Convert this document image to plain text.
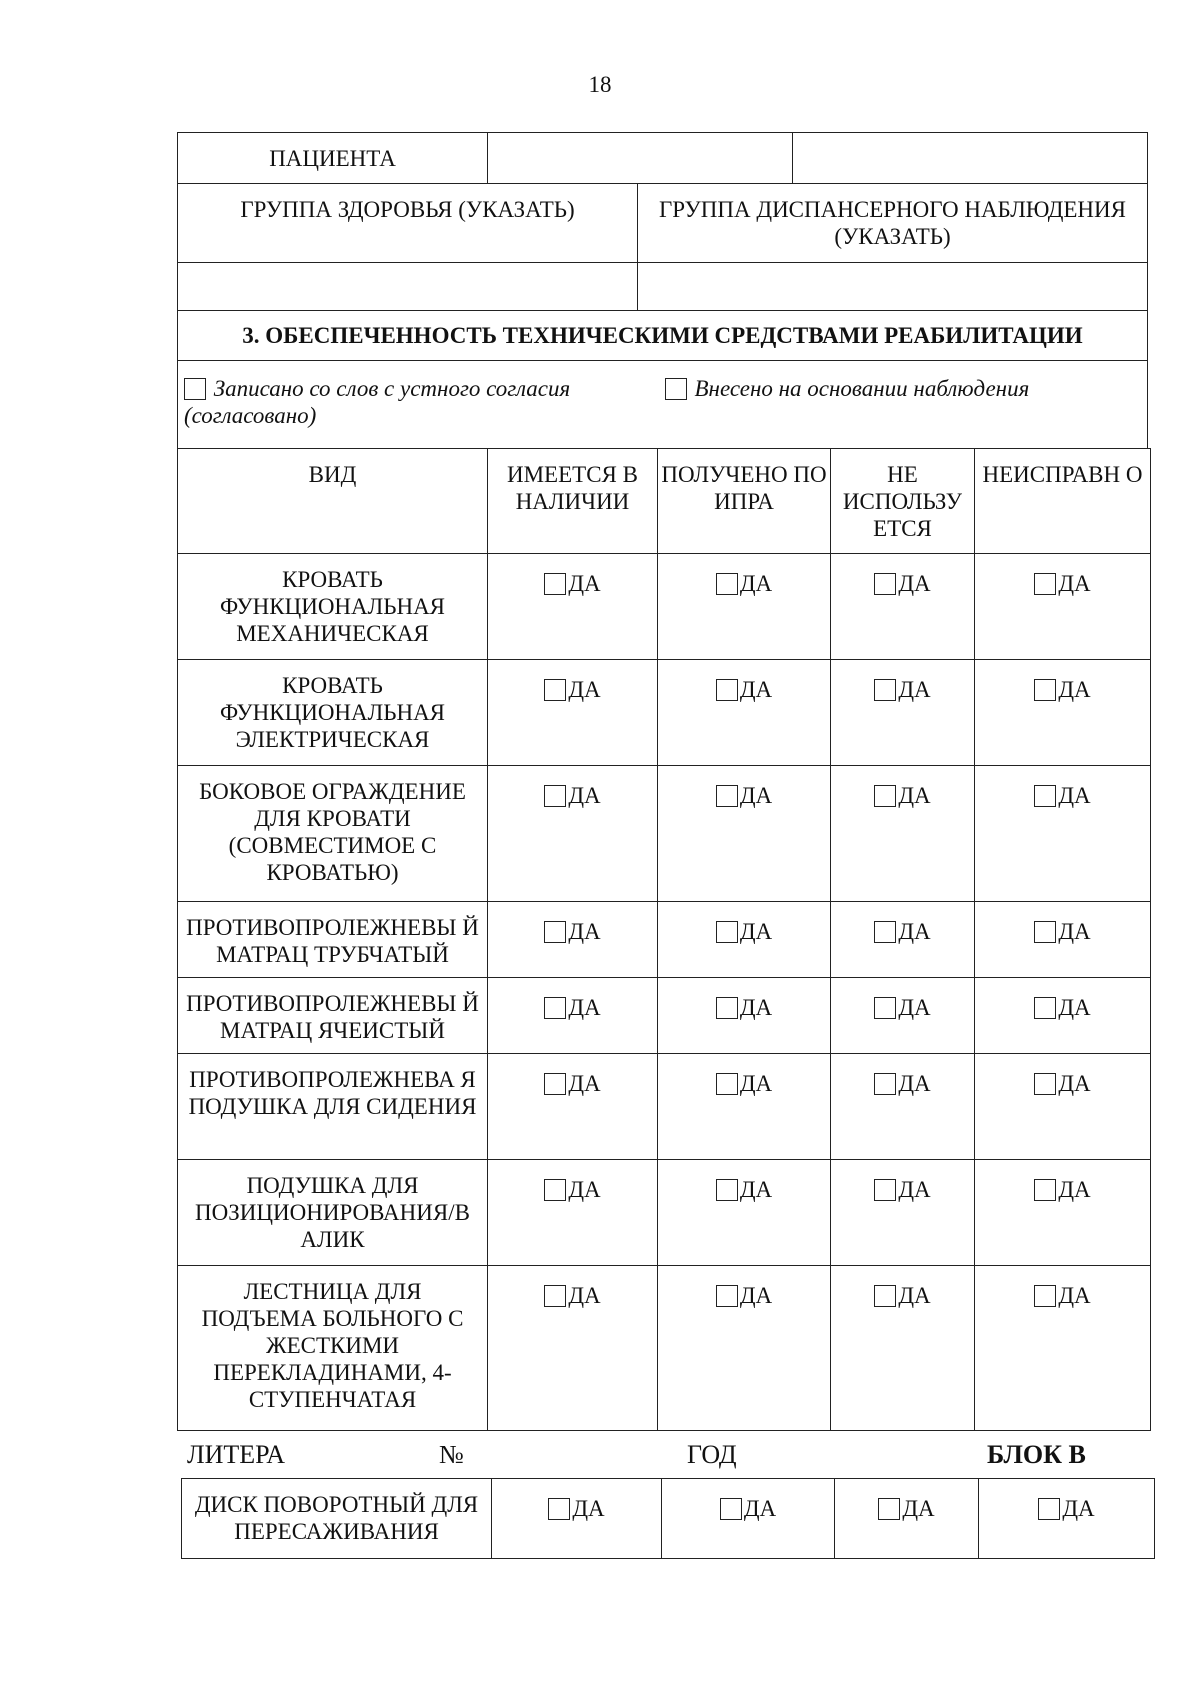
18
ПАЦИЕНТА			
ГРУППА ЗДОРОВЬЯ (УКАЗАТЬ)		ГРУППА ДИСПАНСЕРНОГО НАБЛЮДЕНИЯ (УКАЗАТЬ)	

3. ОБЕСПЕЧЕННОСТЬ ТЕХНИЧЕСКИМИ СРЕДСТВАМИ РЕАБИЛИТАЦИИ			
Записано со слов с устного согласия Внесено на основании наблюдения
(согласовано)			
ВИД	ИМЕЕТСЯ В НАЛИЧИИ	ПОЛУЧЕНО ПО ИПРА	НЕ ИСПОЛЬЗУ ЕТСЯ	НЕИСПРАВН О
КРОВАТЬ ФУНКЦИОНАЛЬНАЯ МЕХАНИЧЕСКАЯ	ДА	ДА	ДА	ДА
КРОВАТЬ ФУНКЦИОНАЛЬНАЯ ЭЛЕКТРИЧЕСКАЯ	ДА	ДА	ДА	ДА
БОКОВОЕ ОГРАЖДЕНИЕ ДЛЯ КРОВАТИ (СОВМЕСТИМОЕ С КРОВАТЬЮ)	ДА	ДА	ДА	ДА
ПРОТИВОПРОЛЕЖНЕВЫ Й МАТРАЦ ТРУБЧАТЫЙ	ДА	ДА	ДА	ДА
ПРОТИВОПРОЛЕЖНЕВЫ Й МАТРАЦ ЯЧЕИСТЫЙ	ДА	ДА	ДА	ДА
ПРОТИВОПРОЛЕЖНЕВА Я ПОДУШКА ДЛЯ СИДЕНИЯ	ДА	ДА	ДА	ДА
ПОДУШКА ДЛЯ ПОЗИЦИОНИРОВАНИЯ/В АЛИК	ДА	ДА	ДА	ДА
ЛЕСТНИЦА ДЛЯ ПОДЪЕМА БОЛЬНОГО С ЖЕСТКИМИ ПЕРЕКЛАДИНАМИ, 4-СТУПЕНЧАТАЯ	ДА	ДА	ДА	ДА
ЛИТЕРА	№	ГОД	БЛОК В
ДИСК ПОВОРОТНЫЙ ДЛЯ ПЕРЕСАЖИВАНИЯ	ДА	ДА	ДА	ДА
